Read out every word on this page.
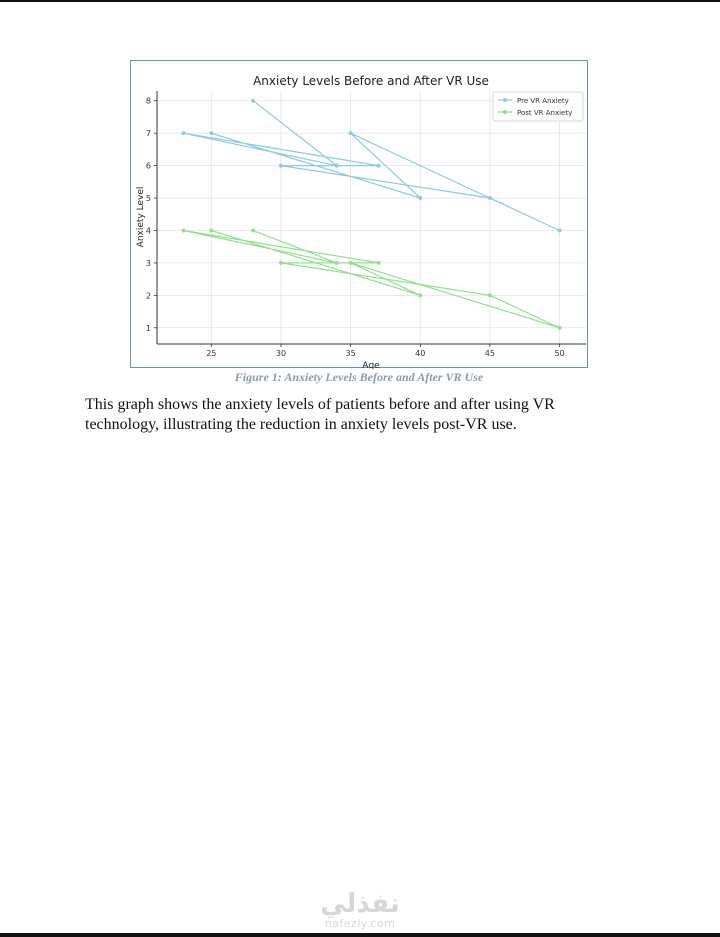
25	30	35	40	45	50
1
2
3
4
5
6
7
8
Anxiety Levels Before and After VR Use
Age
Anxiety Level
Pre VR Anxiety
Post VR Anxiety
Figure 1: Anxiety Levels Before and After VR Use
This graph shows the anxiety levels of patients before and after using VR technology, illustrating the reduction in anxiety levels post-VR use.
نفذلي
nafezly.com
